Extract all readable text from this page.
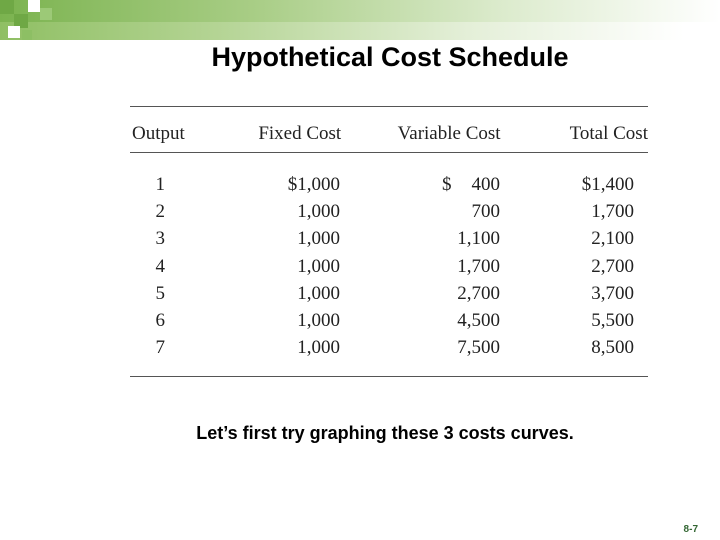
Hypothetical Cost Schedule
Output	Fixed Cost	Variable Cost	Total Cost
1	$1,000	$ 400	$1,400
2	1,000	700	1,700
3	1,000	1,100	2,100
4	1,000	1,700	2,700
5	1,000	2,700	3,700
6	1,000	4,500	5,500
7	1,000	7,500	8,500
Let’s first try graphing these 3 costs curves.
8-7
